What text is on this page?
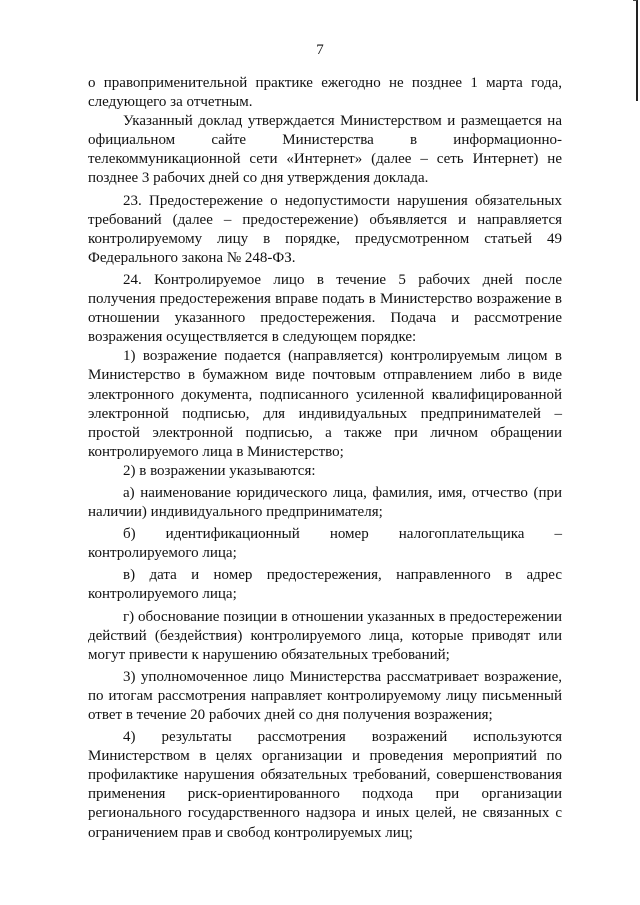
7

о правоприменительной практике ежегодно не позднее 1 марта года, следующего за отчетным.

Указанный доклад утверждается Министерством и размещается на официальном сайте Министерства в информационно-телекоммуникационной сети «Интернет» (далее – сеть Интернет) не позднее 3 рабочих дней со дня утверждения доклада.

23. Предостережение о недопустимости нарушения обязательных требований (далее – предостережение) объявляется и направляется контролируемому лицу в порядке, предусмотренном статьей 49 Федерального закона № 248-ФЗ.

24. Контролируемое лицо в течение 5 рабочих дней после получения предостережения вправе подать в Министерство возражение в отношении указанного предостережения. Подача и рассмотрение возражения осуществляется в следующем порядке:

1) возражение подается (направляется) контролируемым лицом в Министерство в бумажном виде почтовым отправлением либо в виде электронного документа, подписанного усиленной квалифицированной электронной подписью, для индивидуальных предпринимателей – простой электронной подписью, а также при личном обращении контролируемого лица в Министерство;

2) в возражении указываются:

а) наименование юридического лица, фамилия, имя, отчество (при наличии) индивидуального предпринимателя;

б) идентификационный номер налогоплательщика – контролируемого лица;

в) дата и номер предостережения, направленного в адрес контролируемого лица;

г) обоснование позиции в отношении указанных в предостережении действий (бездействия) контролируемого лица, которые приводят или могут привести к нарушению обязательных требований;

3) уполномоченное лицо Министерства рассматривает возражение, по итогам рассмотрения направляет контролируемому лицу письменный ответ в течение 20 рабочих дней со дня получения возражения;

4) результаты рассмотрения возражений используются Министерством в целях организации и проведения мероприятий по профилактике нарушения обязательных требований, совершенствования применения риск-ориентированного подхода при организации регионального государственного надзора и иных целей, не связанных с ограничением прав и свобод контролируемых лиц;
